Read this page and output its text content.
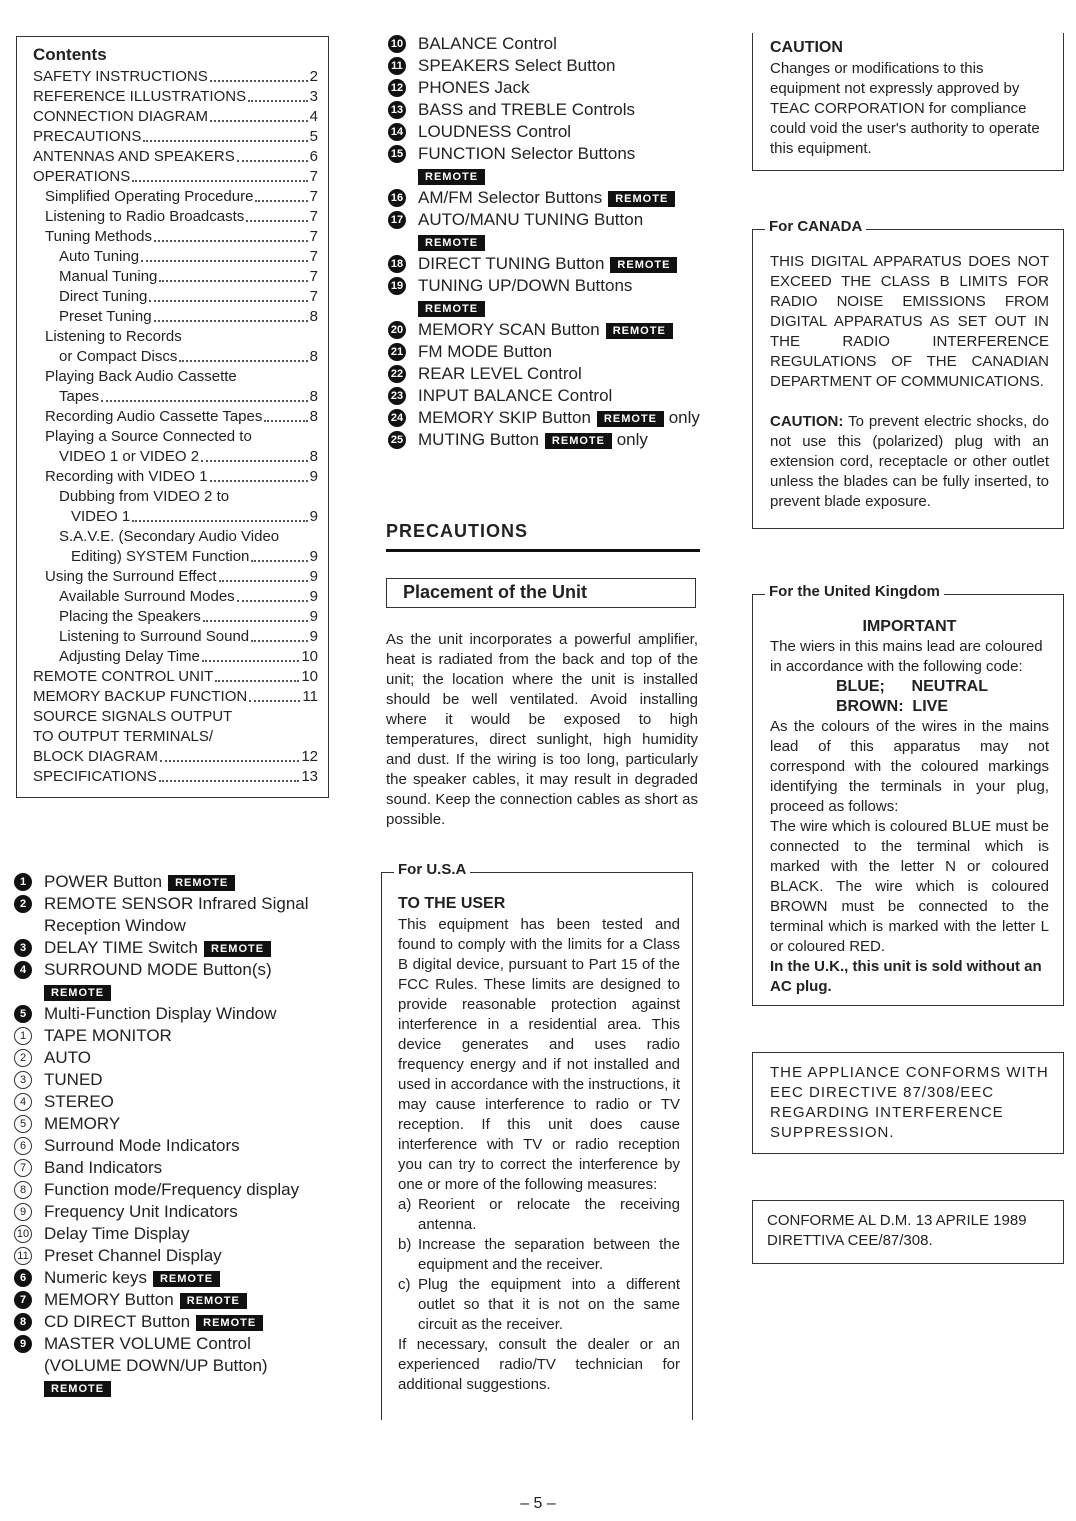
Contents
SAFETY INSTRUCTIONS	2
REFERENCE ILLUSTRATIONS	3
CONNECTION DIAGRAM	4
PRECAUTIONS	5
ANTENNAS AND SPEAKERS	6
OPERATIONS	7
Simplified Operating Procedure	7
Listening to Radio Broadcasts	7
Tuning Methods	7
Auto Tuning	7
Manual Tuning	7
Direct Tuning	7
Preset Tuning	8
Listening to Records
or Compact Discs	8
Playing Back Audio Cassette
Tapes	8
Recording Audio Cassette Tapes	8
Playing a Source Connected to
VIDEO 1 or VIDEO 2	8
Recording with VIDEO 1	9
Dubbing from VIDEO 2 to
VIDEO 1	9
S.A.V.E. (Secondary Audio Video
Editing) SYSTEM Function	9
Using the Surround Effect	9
Available Surround Modes	9
Placing the Speakers	9
Listening to Surround Sound	9
Adjusting Delay Time	10
REMOTE CONTROL UNIT	10
MEMORY BACKUP FUNCTION	11
SOURCE SIGNALS OUTPUT
TO OUTPUT TERMINALS/
BLOCK DIAGRAM	12
SPECIFICATIONS	13
1	POWER Button REMOTE
2	REMOTE SENSOR Infrared Signal
Reception Window
3	DELAY TIME Switch REMOTE
4	SURROUND MODE Button(s)
REMOTE
5	Multi-Function Display Window
1	TAPE MONITOR
2	AUTO
3	TUNED
4	STEREO
5	MEMORY
6	Surround Mode Indicators
7	Band Indicators
8	Function mode/Frequency display
9	Frequency Unit Indicators
10 Delay Time Display
11 Preset Channel Display
6	Numeric keys REMOTE
7	MEMORY Button REMOTE
8	CD DIRECT Button REMOTE
9	MASTER VOLUME Control
(VOLUME DOWN/UP Button)
REMOTE
10 BALANCE Control
11 SPEAKERS Select Button
12 PHONES Jack
13 BASS and TREBLE Controls
14 LOUDNESS Control
15 FUNCTION Selector Buttons
REMOTE
16 AM/FM Selector Buttons REMOTE
17 AUTO/MANU TUNING Button
REMOTE
18 DIRECT TUNING Button REMOTE
19 TUNING UP/DOWN Buttons
REMOTE
20 MEMORY SCAN Button REMOTE
21 FM MODE Button
22 REAR LEVEL Control
23 INPUT BALANCE Control
24 MEMORY SKIP Button REMOTE only
25 MUTING Button REMOTE only
PRECAUTIONS
Placement of the Unit
As the unit incorporates a powerful amplifier, heat is radiated from the back and top of the unit; the location where the unit is installed should be well ventilated. Avoid installing where it would be exposed to high temperatures, direct sunlight, high humidity and dust. If the wiring is too long, particularly the speaker cables, it may result in degraded sound. Keep the connection cables as short as possible.
For U.S.A
TO THE USER
This equipment has been tested and found to comply with the limits for a Class B digital device, pursuant to Part 15 of the FCC Rules. These limits are designed to provide reasonable protection against interference in a residential area. This device generates and uses radio frequency energy and if not installed and used in accordance with the instructions, it may cause interference to radio or TV reception. If this unit does cause interference with TV or radio reception you can try to correct the interference by one or more of the following measures:
a) Reorient or relocate the receiving antenna.
b) Increase the separation between the equipment and the receiver.
c) Plug the equipment into a different outlet so that it is not on the same circuit as the receiver.
If necessary, consult the dealer or an experienced radio/TV technician for additional suggestions.
CAUTION
Changes or modifications to this equipment not expressly approved by TEAC CORPORATION for compliance could void the user's authority to operate this equipment.
For CANADA
THIS DIGITAL APPARATUS DOES NOT EXCEED THE CLASS B LIMITS FOR RADIO NOISE EMISSIONS FROM DIGITAL APPARATUS AS SET OUT IN THE RADIO INTERFERENCE REGULATIONS OF THE CANADIAN DEPARTMENT OF COMMUNICATIONS.
CAUTION: To prevent electric shocks, do not use this (polarized) plug with an extension cord, receptacle or other outlet unless the blades can be fully inserted, to prevent blade exposure.
For the United Kingdom
IMPORTANT
The wiers in this mains lead are coloured in accordance with the following code:
BLUE;      NEUTRAL
BROWN:  LIVE
As the colours of the wires in the mains lead of this apparatus may not correspond with the coloured markings identifying the terminals in your plug, proceed as follows:
The wire which is coloured BLUE must be connected to the terminal which is marked with the letter N or coloured BLACK. The wire which is coloured BROWN must be connected to the terminal which is marked with the letter L or coloured RED.
In the U.K., this unit is sold without an AC plug.
THE APPLIANCE CONFORMS WITH EEC DIRECTIVE 87/308/EEC REGARDING INTERFERENCE SUPPRESSION.
CONFORME AL D.M. 13 APRILE 1989
DIRETTIVA CEE/87/308.
– 5 –
